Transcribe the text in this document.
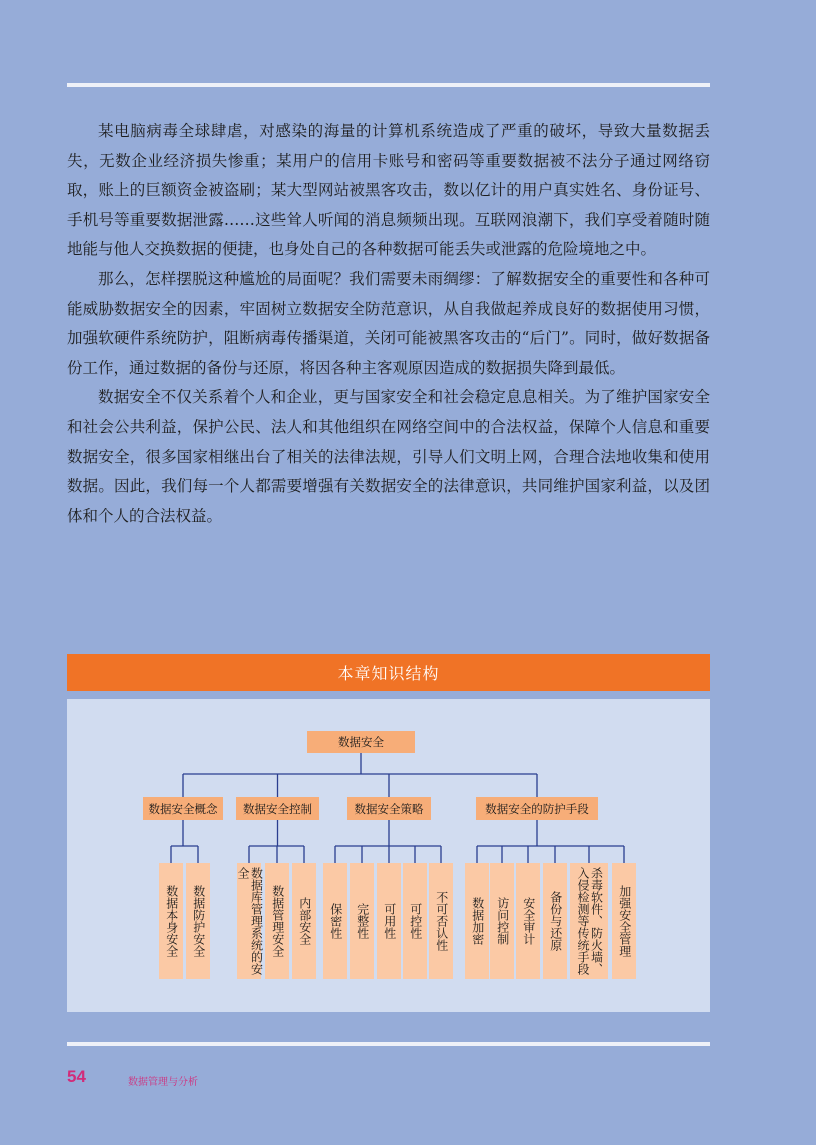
某电脑病毒全球肆虐，对感染的海量的计算机系统造成了严重的破坏，导致大量数据丢失，无数企业经济损失惨重；某用户的信用卡账号和密码等重要数据被不法分子通过网络窃取，账上的巨额资金被盗刷；某大型网站被黑客攻击，数以亿计的用户真实姓名、身份证号、手机号等重要数据泄露……这些耸人听闻的消息频频出现。互联网浪潮下，我们享受着随时随地能与他人交换数据的便捷，也身处自己的各种数据可能丢失或泄露的危险境地之中。

那么，怎样摆脱这种尴尬的局面呢？我们需要未雨绸缪：了解数据安全的重要性和各种可能威胁数据安全的因素，牢固树立数据安全防范意识，从自我做起养成良好的数据使用习惯，加强软硬件系统防护，阻断病毒传播渠道，关闭可能被黑客攻击的“后门”。同时，做好数据备份工作，通过数据的备份与还原，将因各种主客观原因造成的数据损失降到最低。

数据安全不仅关系着个人和企业，更与国家安全和社会稳定息息相关。为了维护国家安全和社会公共利益，保护公民、法人和其他组织在网络空间中的合法权益，保障个人信息和重要数据安全，很多国家相继出台了相关的法律法规，引导人们文明上网，合理合法地收集和使用数据。因此，我们每一个人都需要增强有关数据安全的法律意识，共同维护国家利益，以及团体和个人的合法权益。

本章知识结构
数据安全
数据安全概念	数据安全控制	数据安全策略	数据安全的防护手段
数据本身安全	数据防护安全	数据库管理系统的安全
数据管理安全	内部安全	保密性	完整性	可用性	可控性	不可否认性	数据加密 访问控制	安全审计	备份与还原	杀毒软件、防火墙、入侵检测等传统手段	加强安全管理
54	数据管理与分析
